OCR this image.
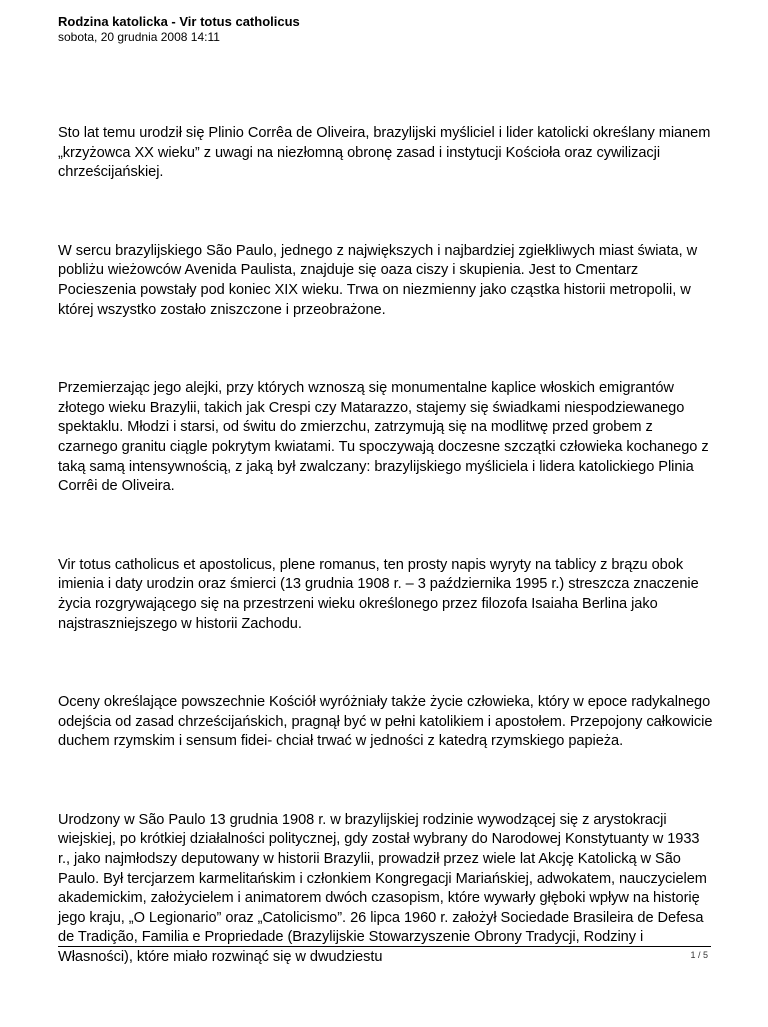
Rodzina katolicka - Vir totus catholicus

sobota, 20 grudnia 2008 14:11

Sto lat temu urodził się Plinio Corrêa de Oliveira, brazylijski myśliciel i lider katolicki określany mianem „krzyżowca XX wieku” z uwagi na niezłomną obronę zasad i instytucji Kościoła oraz cywilizacji chrześcijańskiej.

W sercu brazylijskiego São Paulo, jednego z największych i najbardziej zgiełkliwych miast świata, w pobliżu wieżowców Avenida Paulista, znajduje się oaza ciszy i skupienia. Jest to Cmentarz Pocieszenia powstały pod koniec XIX wieku. Trwa on niezmienny jako cząstka historii metropolii, w której wszystko zostało zniszczone i przeobrażone.

Przemierzając jego alejki, przy których wznoszą się monumentalne kaplice włoskich emigrantów złotego wieku Brazylii, takich jak Crespi czy Matarazzo, stajemy się świadkami niespodziewanego spektaklu. Młodzi i starsi, od świtu do zmierzchu, zatrzymują się na modlitwę przed grobem z czarnego granitu ciągle pokrytym kwiatami. Tu spoczywają doczesne szczątki człowieka kochanego z taką samą intensywnością, z jaką był zwalczany: brazylijskiego myśliciela i lidera katolickiego Plinia Corrêi de Oliveira.

Vir totus catholicus et apostolicus, plene romanus, ten prosty napis wyryty na tablicy z brązu obok imienia i daty urodzin oraz śmierci (13 grudnia 1908 r. – 3 października 1995 r.) streszcza znaczenie życia rozgrywającego się na przestrzeni wieku określonego przez filozofa Isaiaha Berlina jako najstraszniejszego w historii Zachodu.

Oceny określające powszechnie Kościół wyróżniały także życie człowieka, który w epoce radykalnego odejścia od zasad chrześcijańskich, pragnął być w pełni katolikiem i apostołem. Przepojony całkowicie duchem rzymskim i sensum fidei- chciał trwać w jedności z katedrą rzymskiego papieża.

Urodzony w São Paulo 13 grudnia 1908 r. w brazylijskiej rodzinie wywodzącej się z arystokracji wiejskiej, po krótkiej działalności politycznej, gdy został wybrany do Narodowej Konstytuanty w 1933 r., jako najmłodszy deputowany w historii Brazylii, prowadził przez wiele lat Akcję Katolicką w São Paulo. Był tercjarzem karmelitańskim i członkiem Kongregacji Mariańskiej, adwokatem, nauczycielem akademickim, założycielem i animatorem dwóch czasopism, które wywarły głęboki wpływ na historię jego kraju, „O Legionario” oraz „Catolicismo”. 26 lipca 1960 r. założył Sociedade Brasileira de Defesa de Tradição, Familia e Propriedade (Brazylijskie Stowarzyszenie Obrony Tradycji, Rodziny i Własności), które miało rozwinąć się w dwudziestu	1 / 5
